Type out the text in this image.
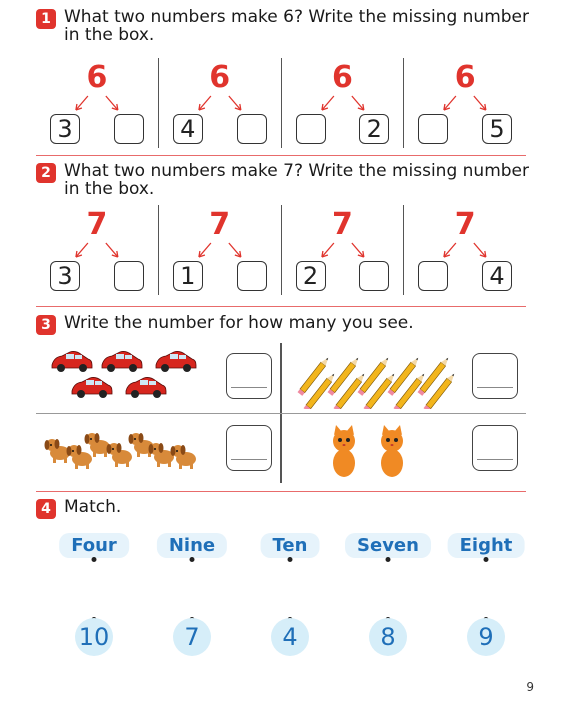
1 What two numbers make 6? Write the missing number in the box.
6
3
6
4
6
2
6
5
2 What two numbers make 7? Write the missing number in the box.
7
3
7
1
7
2
7
4
3 Write the number for how many you see.
4 Match.
Four	Nine	Ten	Seven	Eight
10	7	4	8	9
9
